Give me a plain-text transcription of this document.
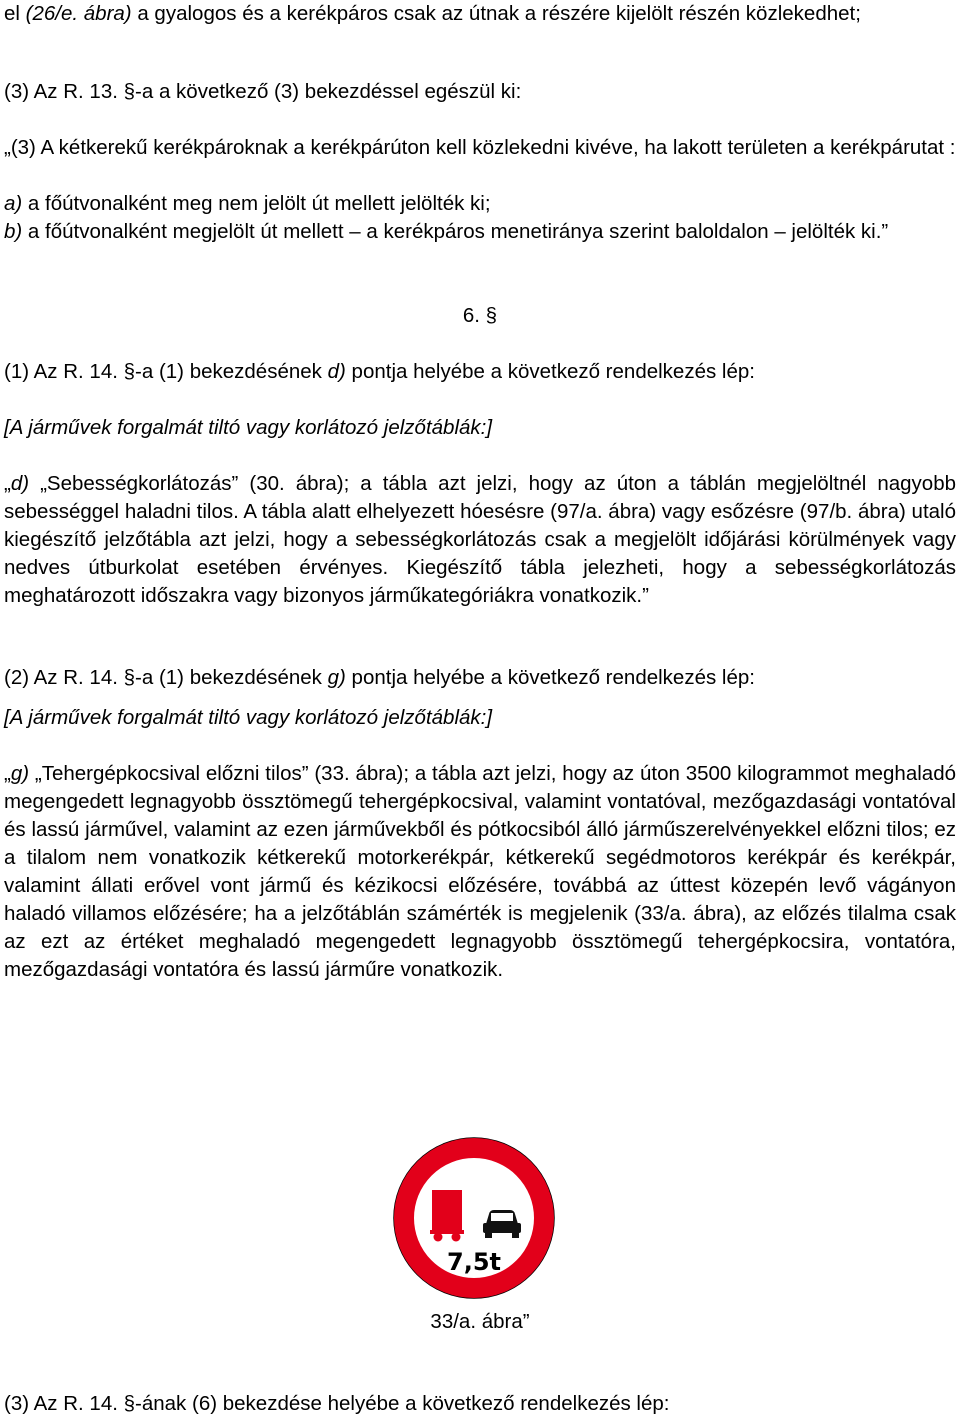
el (26/e. ábra) a gyalogos és a kerékpáros csak az útnak a részére kijelölt részén közlekedhet;

(3) Az R. 13. §-a a következő (3) bekezdéssel egészül ki:

„(3) A kétkerekű kerékpároknak a kerékpárúton kell közlekedni kivéve, ha lakott területen a kerékpárutat :

a) a főútvonalként meg nem jelölt út mellett jelölték ki;

b) a főútvonalként megjelölt út mellett – a kerékpáros menetiránya szerint baloldalon – jelölték ki.”

6. §

(1) Az R. 14. §-a (1) bekezdésének d) pontja helyébe a következő rendelkezés lép:

[A járművek forgalmát tiltó vagy korlátozó jelzőtáblák:]

„d) „Sebességkorlátozás” (30. ábra); a tábla azt jelzi, hogy az úton a táblán megjelöltnél nagyobb sebességgel haladni tilos. A tábla alatt elhelyezett hóesésre (97/a. ábra) vagy esőzésre (97/b. ábra) utaló kiegészítő jelzőtábla azt jelzi, hogy a sebességkorlátozás csak a megjelölt időjárási körülmények vagy nedves útburkolat esetében érvényes. Kiegészítő tábla jelezheti, hogy a sebességkorlátozás meghatározott időszakra vagy bizonyos járműkategóriákra vonatkozik.”

(2) Az R. 14. §-a (1) bekezdésének g) pontja helyébe a következő rendelkezés lép:

[A járművek forgalmát tiltó vagy korlátozó jelzőtáblák:]

„g) „Tehergépkocsival előzni tilos” (33. ábra); a tábla azt jelzi, hogy az úton 3500 kilogrammot meghaladó megengedett legnagyobb össztömegű tehergépkocsival, valamint vontatóval, mezőgazdasági vontatóval és lassú járművel, valamint az ezen járművekből és pótkocsiból álló járműszerelvényekkel előzni tilos; ez a tilalom nem vonatkozik kétkerekű motorkerékpár, kétkerekű segédmotoros kerékpár és kerékpár, valamint állati erővel vont jármű és kézikocsi előzésére, továbbá az úttest közepén levő vágányon haladó villamos előzésére; ha a jelzőtáblán számérték is megjelenik (33/a. ábra), az előzés tilalma csak az ezt az értéket meghaladó megengedett legnagyobb össztömegű tehergépkocsira, vontatóra, mezőgazdasági vontatóra és lassú járműre vonatkozik.

7,5t

33/a. ábra”

(3) Az R. 14. §-ának (6) bekezdése helyébe a következő rendelkezés lép:
